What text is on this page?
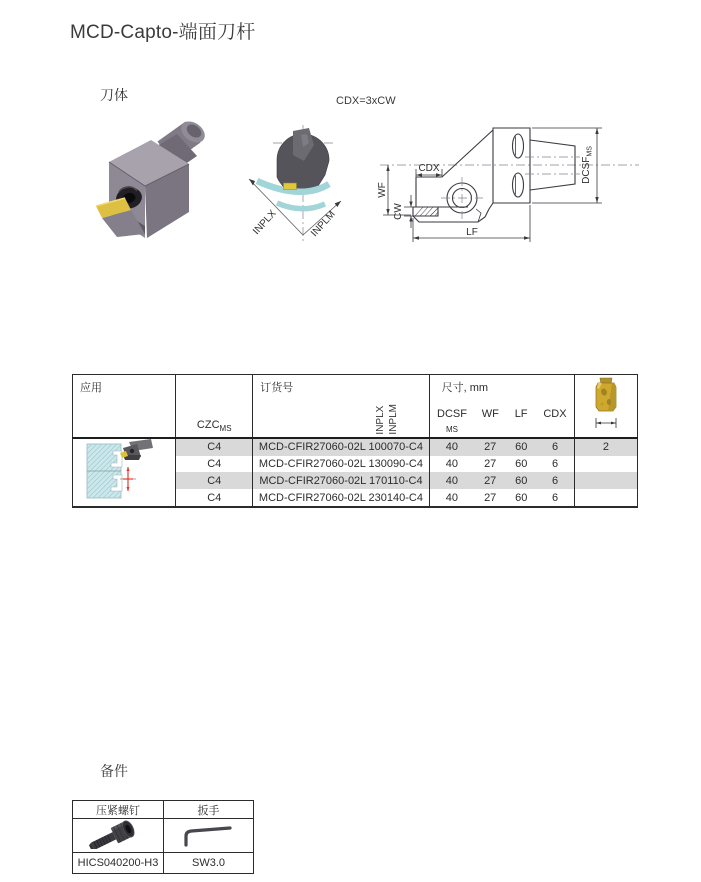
MCD-Capto-端面刀杆
刀体	CDX=3xCW
INPLX	INPLM
CDX
WF
CW
LF
$DCSF_{MS}$
应用

$CZC_{MS}$

订货号
INPLX INPLM

尺寸, mm
DCSF
$_{MS}$
WF	LF	CDX

	C4	MCD-CFIR27060-02L 100070-C4	40	27	60	6	2
	C4	MCD-CFIR27060-02L 130090-C4	40	27	60	6	
	C4	MCD-CFIR27060-02L 170110-C4	40	27	60	6	
	C4	MCD-CFIR27060-02L 230140-C4	40	27	60	6	
备件
压紧螺钉	扳手

HICS040200-H3	SW3.0
